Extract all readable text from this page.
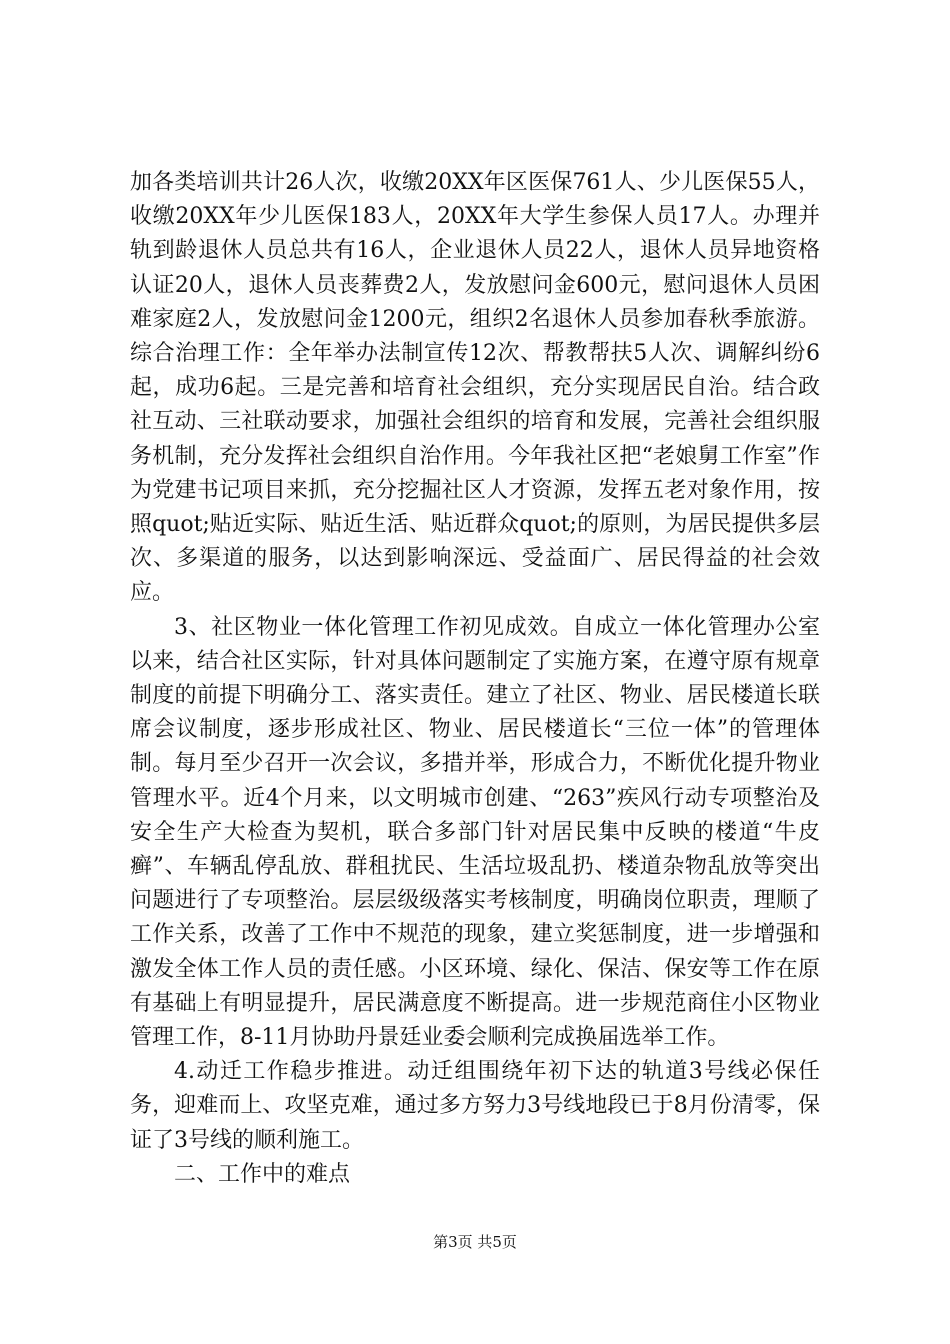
加各类培训共计26人次，收缴20XX年区医保761人、少儿医保55人，收缴20XX年少儿医保183人，20XX年大学生参保人员17人。办理并轨到龄退休人员总共有16人，企业退休人员22人，退休人员异地资格认证20人，退休人员丧葬费2人，发放慰问金600元，慰问退休人员困难家庭2人，发放慰问金1200元，组织2名退休人员参加春秋季旅游。综合治理工作：全年举办法制宣传12次、帮教帮扶5人次、调解纠纷6起，成功6起。三是完善和培育社会组织，充分实现居民自治。结合政社互动、三社联动要求，加强社会组织的培育和发展，完善社会组织服务机制，充分发挥社会组织自治作用。今年我社区把“老娘舅工作室”作为党建书记项目来抓，充分挖掘社区人才资源，发挥五老对象作用，按照quot;贴近实际、贴近生活、贴近群众quot;的原则，为居民提供多层次、多渠道的服务，以达到影响深远、受益面广、居民得益的社会效应。

3、社区物业一体化管理工作初见成效。自成立一体化管理办公室以来，结合社区实际，针对具体问题制定了实施方案，在遵守原有规章制度的前提下明确分工、落实责任。建立了社区、物业、居民楼道长联席会议制度，逐步形成社区、物业、居民楼道长“三位一体”的管理体制。每月至少召开一次会议，多措并举，形成合力，不断优化提升物业管理水平。近4个月来，以文明城市创建、“263”疾风行动专项整治及安全生产大检查为契机，联合多部门针对居民集中反映的楼道“牛皮癣”、车辆乱停乱放、群租扰民、生活垃圾乱扔、楼道杂物乱放等突出问题进行了专项整治。层层级级落实考核制度，明确岗位职责，理顺了工作关系，改善了工作中不规范的现象，建立奖惩制度，进一步增强和激发全体工作人员的责任感。小区环境、绿化、保洁、保安等工作在原有基础上有明显提升，居民满意度不断提高。进一步规范商住小区物业管理工作，8-11月协助丹景廷业委会顺利完成换届选举工作。

4.动迁工作稳步推进。动迁组围绕年初下达的轨道3号线必保任务，迎难而上、攻坚克难，通过多方努力3号线地段已于8月份清零，保证了3号线的顺利施工。

二、工作中的难点

第3页 共5页
